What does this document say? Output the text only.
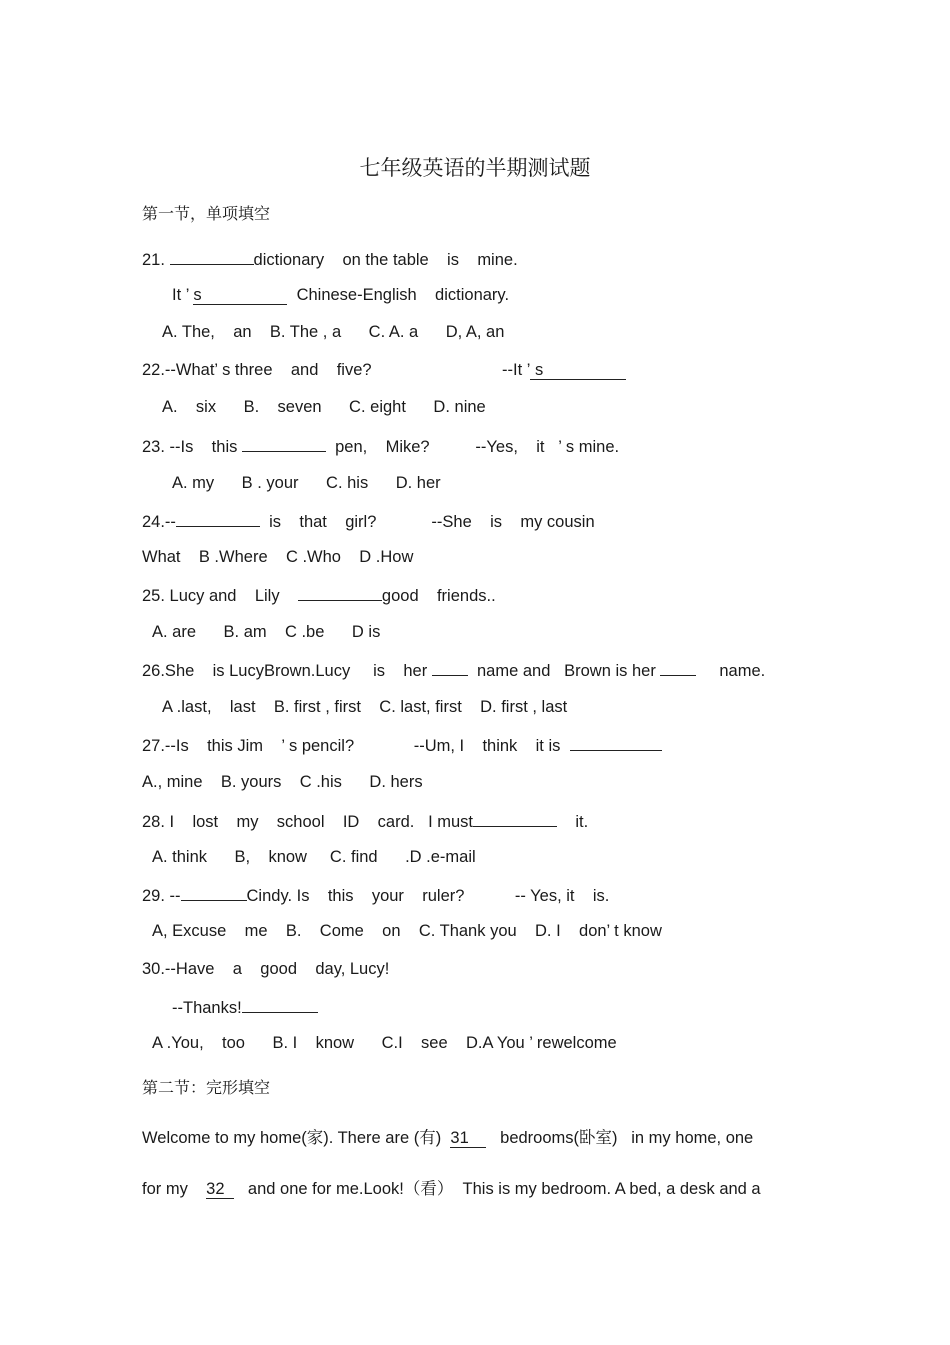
七年级英语的半期测试题
第一节，单项填空
21.	dictionary    on the table    is    mine.
It ’ s	Chinese-English    dictionary.
A. The,    an    B. The , a      C. A. a      D, A, an
22.--What’ s three    and    five?	--It ’ s
A.    six      B.    seven      C. eight      D. nine
23. --Is    this	pen,    Mike?          --Yes,    it   ’ s mine.
A. my      B . your      C. his      D. her
24.--	is    that    girl?            --She    is    my cousin
What    B .Where    C .Who    D .How
25. Lucy and    Lily	good    friends..
A. are      B. am    C .be      D is
26.She    is LucyBrown.Lucy     is    her   name and   Brown is her      name.
A .last,    last    B. first , first    C. last, first    D. first , last
27.--Is    this Jim    ’ s pencil?             --Um, I    think    it is
A., mine    B. yours    C .his      D. hers
28. I    lost    my    school    ID    card.   I must	it.
A. think      B,    know     C. find      .D .e-mail
29. --	Cindy. Is    this    your    ruler?           -- Yes, it    is.
A, Excuse    me    B.    Come    on    C. Thank you    D. I    don’ t know
30.--Have    a    good    day, Lucy!
--Thanks!
A .You,    too      B. I    know      C.I    see    D.A You ’ rewelcome
第二节：完形填空
Welcome to my home(家). There are (有)  31     bedrooms(卧室)   in my home, one
for my    32     and one for me.Look!（看）  This is my bedroom. A bed, a desk and a
